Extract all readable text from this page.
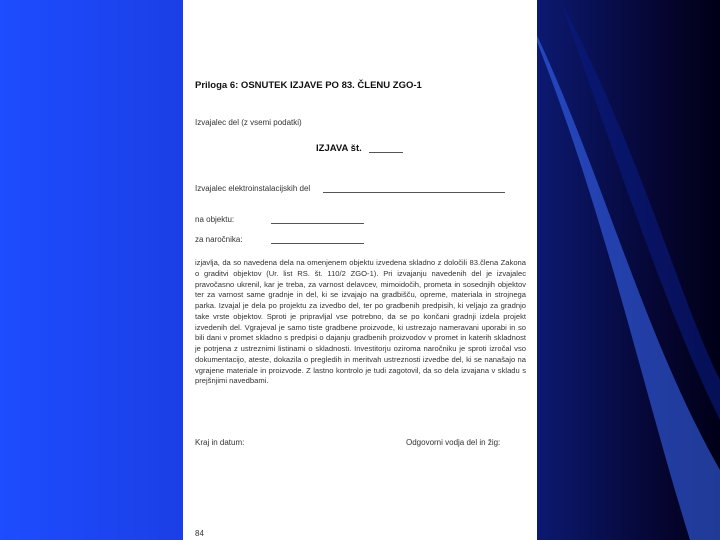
Priloga 6: OSNUTEK IZJAVE PO 83. ČLENU ZGO-1
Izvajalec del (z vsemi podatki)
IZJAVA št.
Izvajalec elektroinstalacijskih del
na objektu:
za naročnika:
izjavlja, da so navedena dela na omenjenem objektu izvedena skladno z določili 83.člena Zakona o graditvi objektov (Ur. list RS. št. 110/2 ZGO-1). Pri izvajanju navedenih del je izvajalec pravočasno ukrenil, kar je treba, za varnost delavcev, mimoidočih, prometa in sosednjih objektov ter za varnost same gradnje in del, ki se izvajajo na gradbišču, opreme, materiala in strojnega parka. Izvajal je dela po projektu za izvedbo del, ter po gradbenih predpisih, ki veljajo za gradnjo take vrste objektov. Sproti je pripravljal vse potrebno, da se po končani gradnji izdela projekt izvedenih del. Vgrajeval je samo tiste gradbene proizvode, ki ustrezajo nameravani uporabi in so bili dani v promet skladno s predpisi o dajanju gradbenih proizvodov v promet in katerih skladnost je potrjena z ustreznimi listinami o skladnosti. Investitorju oziroma naročniku je sproti izročal vso dokumentacijo, ateste, dokazila o pregledih in meritvah ustreznosti izvedbe del, ki se nanašajo na vgrajene materiale in proizvode. Z lastno kontrolo je tudi zagotovil, da so dela izvajana v skladu s prejšnjimi navedbami.
Kraj in datum:	Odgovorni vodja del in žig:
84
